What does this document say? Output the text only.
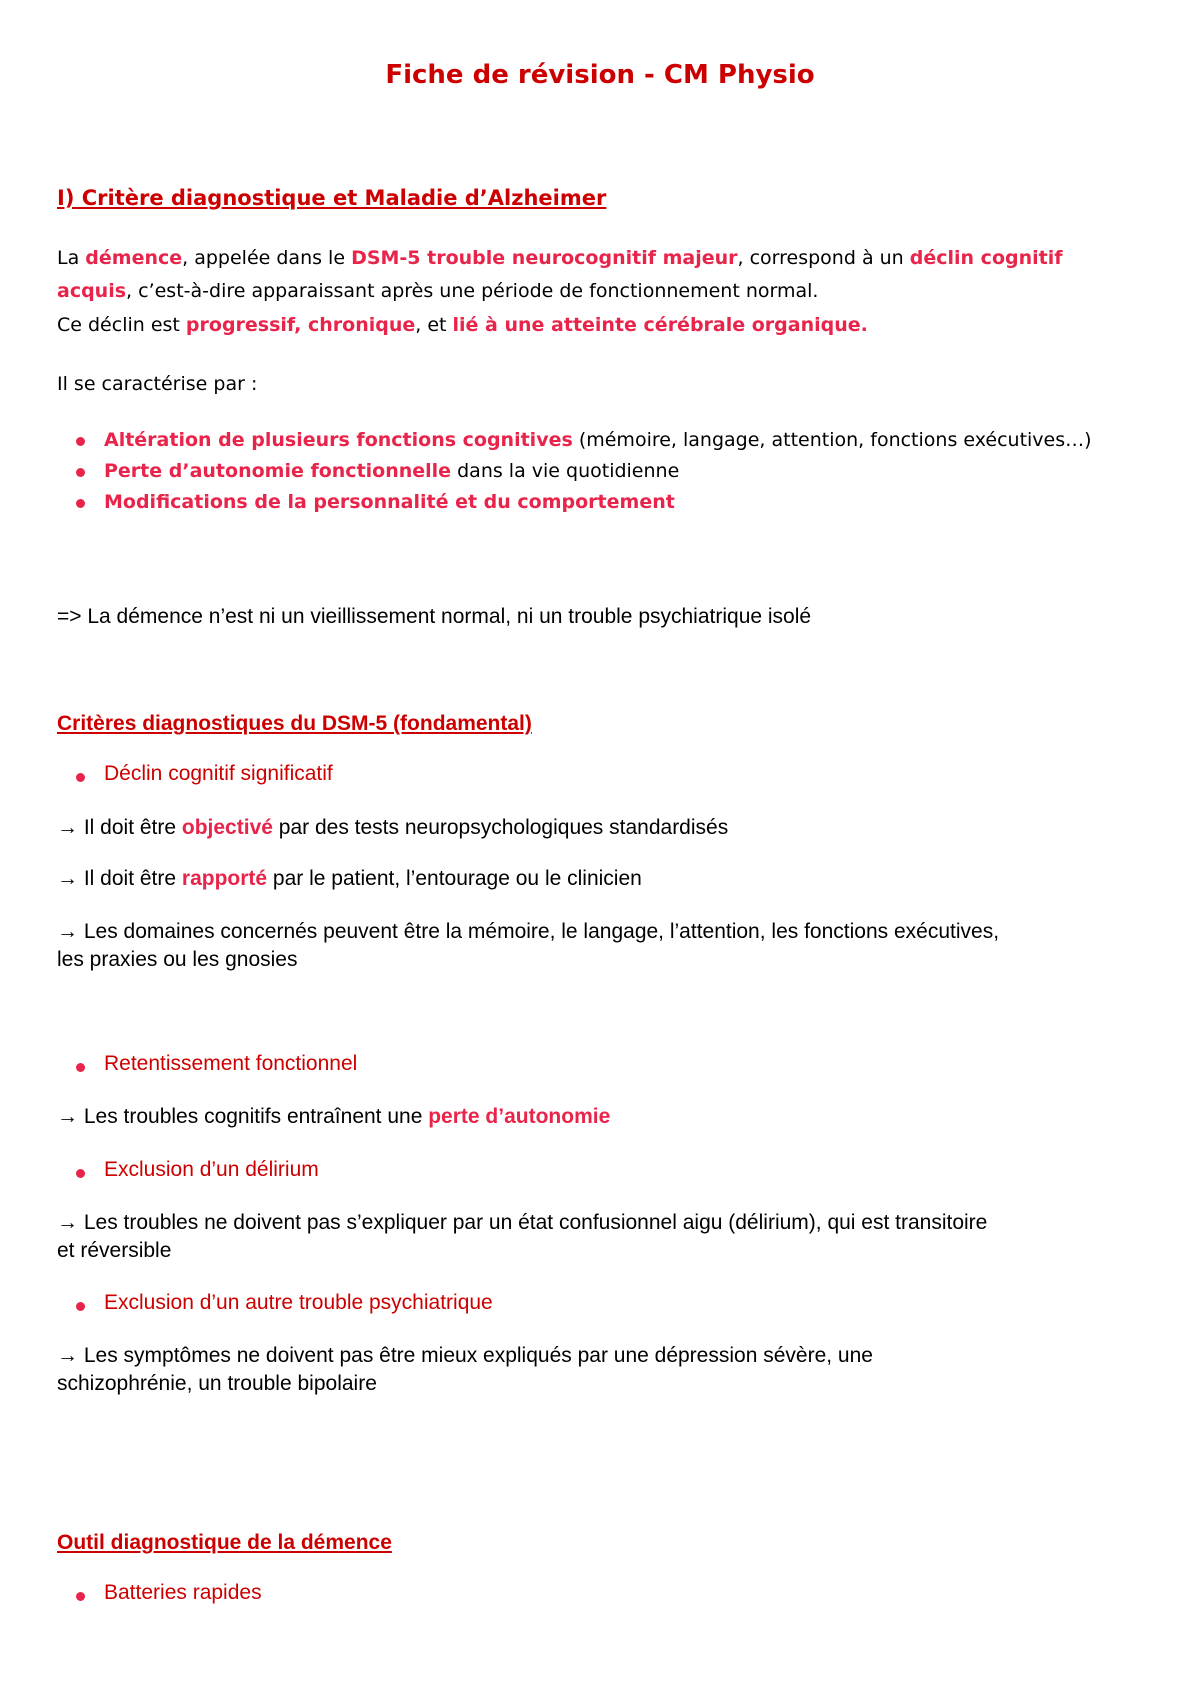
Fiche de révision - CM Physio
I) Critère diagnostique et Maladie d’Alzheimer
La démence, appelée dans le DSM-5 trouble neurocognitif majeur, correspond à un déclin cognitif
acquis, c’est-à-dire apparaissant après une période de fonctionnement normal.
Ce déclin est progressif, chronique, et lié à une atteinte cérébrale organique.
Il se caractérise par :
Altération de plusieurs fonctions cognitives (mémoire, langage, attention, fonctions exécutives…)
Perte d’autonomie fonctionnelle dans la vie quotidienne
Modifications de la personnalité et du comportement
=> La démence n’est ni un vieillissement normal, ni un trouble psychiatrique isolé
Critères diagnostiques du DSM-5 (fondamental)
Déclin cognitif significatif
→ Il doit être objectivé par des tests neuropsychologiques standardisés
→ Il doit être rapporté par le patient, l’entourage ou le clinicien
→ Les domaines concernés peuvent être la mémoire, le langage, l’attention, les fonctions exécutives,
les praxies ou les gnosies
Retentissement fonctionnel
→ Les troubles cognitifs entraînent une perte d’autonomie
Exclusion d’un délirium
→ Les troubles ne doivent pas s’expliquer par un état confusionnel aigu (délirium), qui est transitoire
et réversible
Exclusion d’un autre trouble psychiatrique
→ Les symptômes ne doivent pas être mieux expliqués par une dépression sévère, une
schizophrénie, un trouble bipolaire
Outil diagnostique de la démence
Batteries rapides
